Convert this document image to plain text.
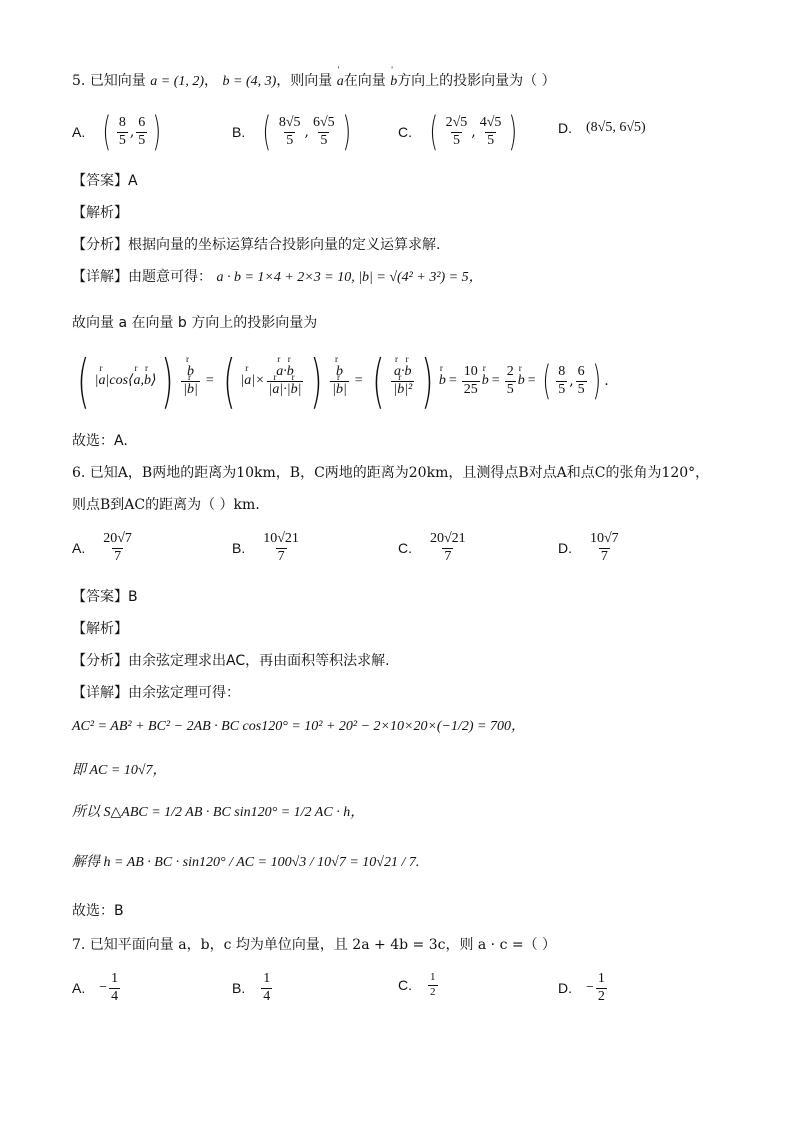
5. 已知向量 a = (1, 2)， b = (4, 3)，则向量 ' a在向量 ' b方向上的投影向量为（ ）
A. ( $\frac{8}{5}$ , $\frac{6}{5}$ )	B. ( $\frac{8√5}{5}$ , $\frac{6√5}{5}$ )	C. ( $\frac{2√5}{5}$ , $\frac{4√5}{5}$ )	D. (8√5, 6√5)
【答案】A
【解析】
【分析】根据向量的坐标运算结合投影向量的定义运算求解.
【详解】由题意可得： a · b = 1×4 + 2×3 = 10, |b| = √(4² + 3²) = 5，
故向量 a 在向量 b 方向上的投影向量为
( |r a|cos⟨r a,r b⟩ ) r $\frac{b}{\text{|r b|}}$ = ( |r a|× r $\frac{\text{a·r b}}{\text{|r a|·|r b|}}$ ) r $\frac{b}{\text{|r b|}}$ = ( r $\frac{\text{a·r b}}{\text{|r b|²}}$ ) r $b = \frac{10}{25}$ r $b = \frac{2}{5}$ r b = ( $\frac{8}{5}$ , $\frac{6}{5}$ ) .
故选：A.
6. 已知A，B两地的距离为10km，B，C两地的距离为20km，且测得点B对点A和点C的张角为120°，
则点B到AC的距离为（ ）km．
A. $\frac{20√7}{7}$	B. $\frac{10√21}{7}$	C. $\frac{20√21}{7}$	D. $\frac{10√7}{7}$
【答案】B
【解析】
【分析】由余弦定理求出AC，再由面积等积法求解.
【详解】由余弦定理可得：
AC² = AB² + BC² − 2AB · BC cos120° = 10² + 20² − 2×10×20×(−1/2) = 700，
即 AC = 10√7，
所以 S△ABC = 1/2 AB · BC sin120° = 1/2 AC · h，
解得 h = AB · BC · sin120° / AC = 100√3 / 10√7 = 10√21 / 7.
故选：B
7. 已知平面向量 a，b，c 均为单位向量，且 2a + 4b = 3c，则 a · c =（ ）
A. − $\frac{1}{4}$	B. $\frac{1}{4}$	C. $\frac{1}{2}$	D. − $\frac{1}{2}$
